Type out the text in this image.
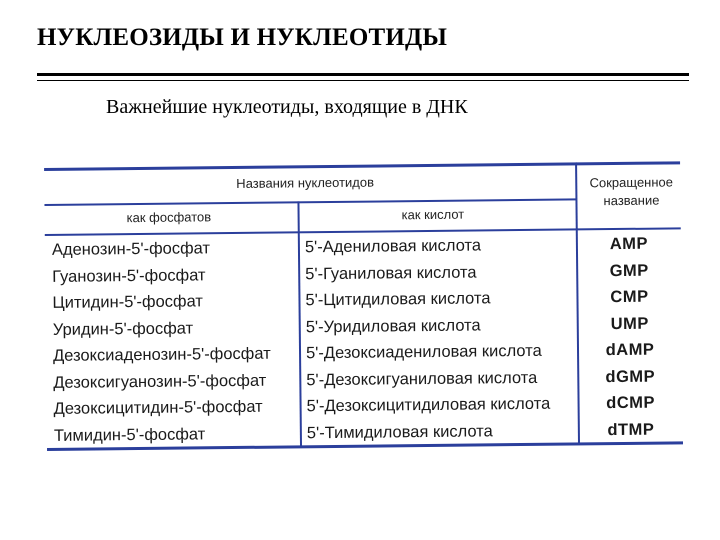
НУКЛЕОЗИДЫ И НУКЛЕОТИДЫ
Важнейшие нуклеотиды, входящие в ДНК
Названия нуклеотидов
как фосфатов	как кислот
Сокращенное название
Аденозин-5'-фосфат	5'-Адениловая кислота	AMP
Гуанозин-5'-фосфат	5'-Гуаниловая кислота	GMP
Цитидин-5'-фосфат	5'-Цитидиловая кислота	CMP
Уридин-5'-фосфат	5'-Уридиловая кислота	UMP
Дезоксиаденозин-5'-фосфат 5'-Дезоксиадениловая кислота	dAMP
Дезоксигуанозин-5'-фосфат 5'-Дезоксигуаниловая кислота	dGMP
Дезоксицитидин-5'-фосфат	5'-Дезоксицитидиловая кислота	dCMP
Тимидин-5'-фосфат	5'-Тимидиловая кислота	dTMP
